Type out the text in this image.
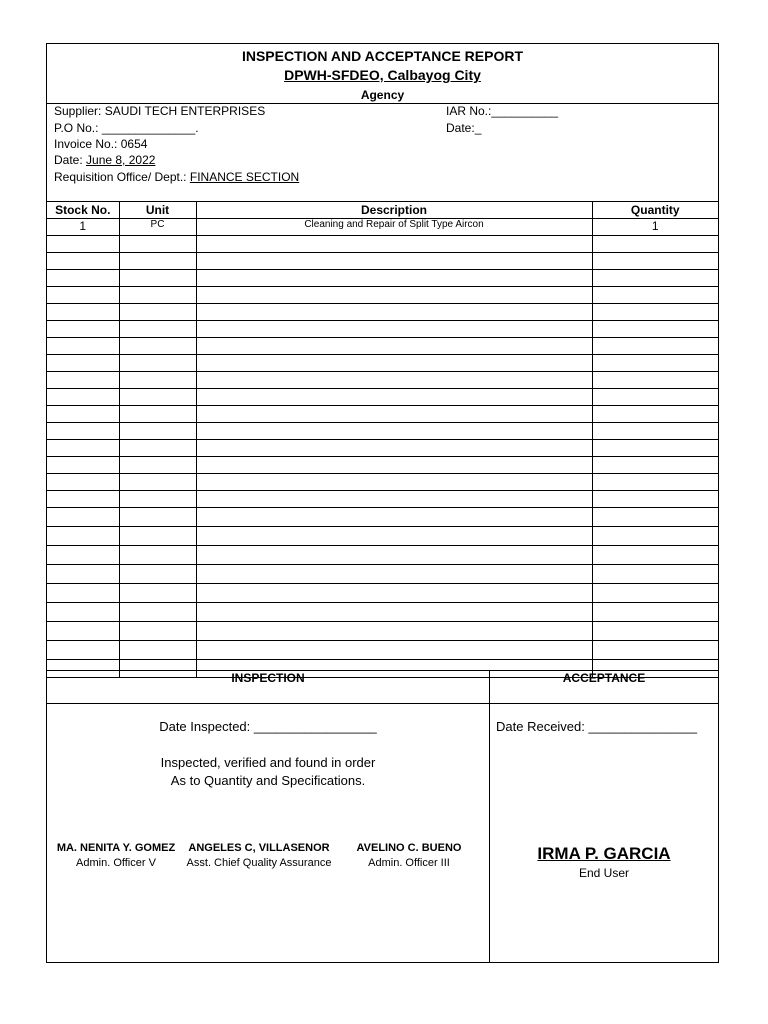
INSPECTION AND ACCEPTANCE REPORT
DPWH-SFDEO, Calbayog City
Agency
Supplier: SAUDI TECH ENTERPRISES
P.O No.: ______________.
Invoice No.: 0654
Date: June 8, 2022
Requisition Office/ Dept.: FINANCE SECTION
IAR No.:__________
Date:_
Stock No.	Unit	Description	Quantity
1	PC	Cleaning and Repair of Split Type Aircon	1

INSPECTION	ACCEPTANCE
Date Inspected: _________________
Inspected, verified and found in order
As to Quantity and Specifications.
MA. NENITA Y. GOMEZ
Admin. Officer V
ANGELES C, VILLASENOR
Asst. Chief Quality Assurance
AVELINO C. BUENO
Admin. Officer III
Date Received: _______________
IRMA P. GARCIA
End User
